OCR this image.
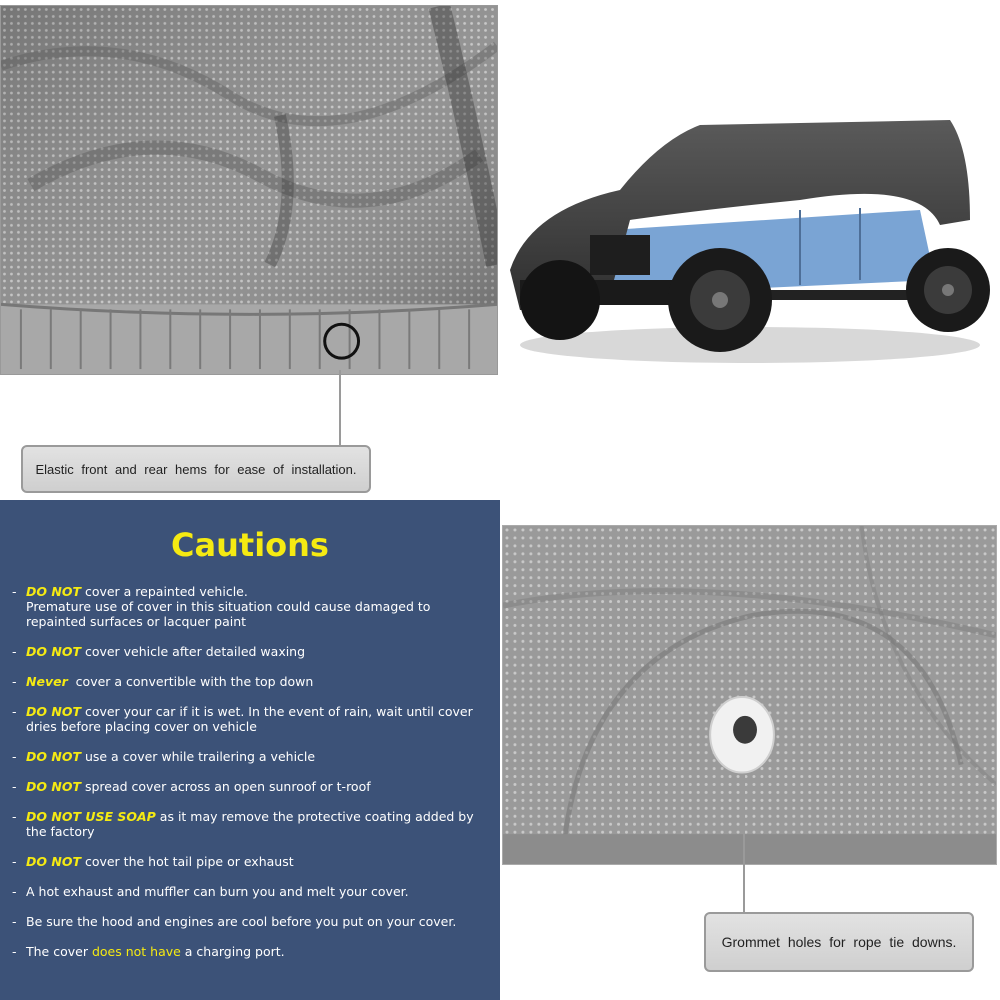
Elastic front and rear hems for ease of installation.
Cautions
- DO NOT cover a repainted vehicle.
Premature use of cover in this situation could cause damaged to repainted surfaces or lacquer paint
- DO NOT cover vehicle after detailed waxing
- Never  cover a convertible with the top down
- DO NOT cover your car if it is wet. In the event of rain, wait until cover dries before placing cover on vehicle
- DO NOT use a cover while trailering a vehicle
- DO NOT spread cover across an open sunroof or t-roof
- DO NOT USE SOAP as it may remove the protective coating added by the factory
- DO NOT cover the hot tail pipe or exhaust
- A hot exhaust and muffler can burn you and melt your cover.
- Be sure the hood and engines are cool before you put on your cover.
- The cover does not have a charging port.
Grommet holes for rope tie downs.
